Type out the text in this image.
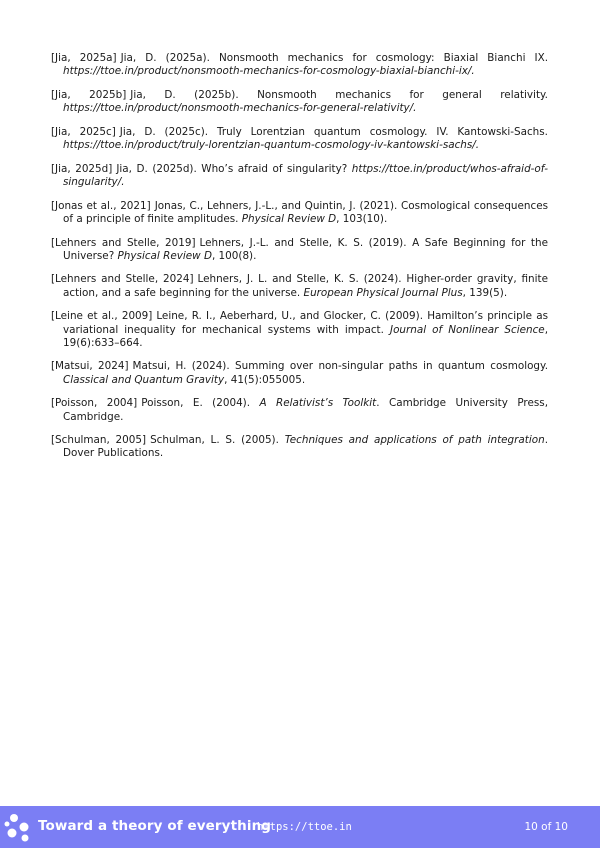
[Jia, 2025a] Jia, D. (2025a). Nonsmooth mechanics for cosmology: Biaxial Bianchi IX. https://ttoe.in/product/nonsmooth-mechanics-for-cosmology-biaxial-bianchi-ix/.
[Jia, 2025b] Jia, D. (2025b). Nonsmooth mechanics for general relativity. https://ttoe.in/product/nonsmooth-mechanics-for-general-relativity/.
[Jia, 2025c] Jia, D. (2025c). Truly Lorentzian quantum cosmology. IV. Kantowski-Sachs. https://ttoe.in/product/truly-lorentzian-quantum-cosmology-iv-kantowski-sachs/.
[Jia, 2025d] Jia, D. (2025d). Who’s afraid of singularity? https://ttoe.in/product/whos-afraid-of-singularity/.
[Jonas et al., 2021] Jonas, C., Lehners, J.-L., and Quintin, J. (2021). Cosmological consequences of a principle of finite amplitudes. Physical Review D, 103(10).
[Lehners and Stelle, 2019] Lehners, J.-L. and Stelle, K. S. (2019). A Safe Beginning for the Universe? Physical Review D, 100(8).
[Lehners and Stelle, 2024] Lehners, J. L. and Stelle, K. S. (2024). Higher-order gravity, finite action, and a safe beginning for the universe. European Physical Journal Plus, 139(5).
[Leine et al., 2009] Leine, R. I., Aeberhard, U., and Glocker, C. (2009). Hamilton’s principle as variational inequality for mechanical systems with impact. Journal of Nonlinear Science, 19(6):633–664.
[Matsui, 2024] Matsui, H. (2024). Summing over non-singular paths in quantum cosmology. Classical and Quantum Gravity, 41(5):055005.
[Poisson, 2004] Poisson, E. (2004). A Relativist’s Toolkit. Cambridge University Press, Cambridge.
[Schulman, 2005] Schulman, L. S. (2005). Techniques and applications of path integration. Dover Publications.
Toward a theory of everything
https://ttoe.in	10 of 10
